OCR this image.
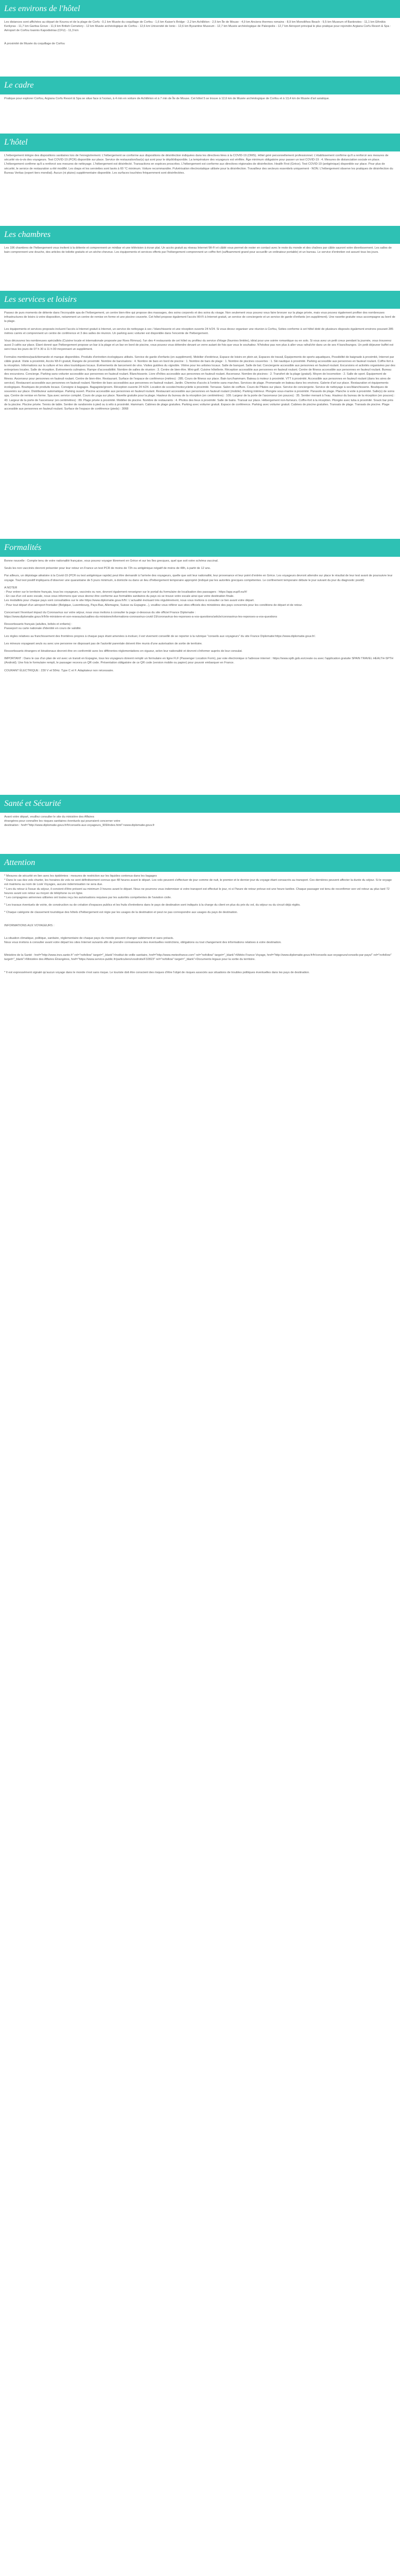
Les environs de l'hôtel

Les distances sont affichées au départ de Kourou et de la plage de Corfu : 0,1 km Musée du coquillage de Corfou - 1,6 km Kaiser's Bridge - 2,2 km Achilléion - 2,5 km Île de Mouse - 4,9 km Anciens thermes romains - 8,9 km Monolithos Beach - 9,5 km Museum of Banknotes - 11,1 km Ethnikis Kerkyras - 11,7 km Garitsa Grove - 11,9 km British Cemetery - 12 km Musée archéologique de Corfou - 12,6 km Université de Ionio - 12,6 km Byzantine Museum - 12,7 km Musée archéologique de Paleopolis - 12,7 km Aéroport principal le plus pratique pour rejoindre Argiana Corfu Resort & Spa : Aéroport de Corfou Ioannis Kapodistrias (CFU) - 11,3 km

À proximité de Musée du coquillage de Corfou

Le cadre

Pratique pour explorer Corfou, Argiana Corfu Resort & Spa se situe face à l'océan, à 4 min en voiture de Achilléion et à 7 min de Île de Mouse. Cet hôtel 5 se trouve à 12,6 km de Musée archéologique de Corfou et à 13,4 km de Musée d'art asiatique.

L'hôtel

L'hébergement intègre des dispositions sanitaires lors de l'enregistrement. L'hébergement se conforme aux dispositions de désinfection indiquées dans les directives liées à la COVID-19 (OMS). Hôtel géré personnellement professionnel. L'établissement confirme qu'il a renforcé ses mesures de sécurité vis-à-vis des voyageurs. Test COVID-19 (PCR) disponible sur place. Service de restauration/bar(s) qui sont pour le dépôt/disponible. La température des voyageurs est vérifiée. Âge minimum obligatoire pour passer un test COVID-19 : 4. Mesures de distanciation sociale en place. L'hébergement confirme qu'il a renforcé ses mesures de nettoyage. L'hébergement est désinfecté. Transactions en espèces proscrites. L'hébergement est conforme aux directives régionales de désinfection. Health First (Grèce). Test COVID-19 (antigénique) disponible sur place. Pour plus de sécurité, le service de restauration a été modifié. Les draps et les serviettes sont lavés à 60 °C minimum. Voiture recommandée. Pulvérisation électrostatique utilisée pour la désinfection. Travailleur des secteurs essentiels uniquement - NON. L'hébergement observe les pratiques de désinfection du Bureau Veritas (expert tiers mondial). Aucun (ni pluies) supplémentaire disponible. Les surfaces touchées fréquemment sont désinfectées.

Les chambres

Les 196 chambres de l'hébergement vous invitent à la détente et comprennent un minibar et une télévision à écran plat. Un accès gratuit au réseau Internet Wi-Fi et câblé vous permet de rester en contact avec le reste du monde et des chaînes par câble sauront votre divertissement. Les salles de bain comprennent une douche, des articles de toilette gratuits et un sèche-cheveux. Les équipements et services offerts par l'hébergement comprennent un coffre-fort (suffisamment grand pour accueillir un ordinateur portable) et un bureau. Le service d'entretien est assuré tous les jours.

Les services et loisirs

Passez de purs moments de détente dans l'incroyable spa de l'hébergement, un centre bien-être qui propose des massages, des soins corporels et des soins du visage. Non seulement vous pouvez vous faire bronzer sur la plage privée, mais vous pouvez également profiter des nombreuses infrastructures de loisirs à votre disposition, notamment un centre de remise en forme et une piscine couverte. Cet hôtel propose également l'accès Wi-Fi à Internet gratuit, un service de conciergerie et un service de garde d'enfants (en supplément). Une navette gratuite vous accompagne au bord de la plage.

Les équipements et services proposés incluent l'accès à Internet gratuit à Internet, un service de nettoyage à sec / blanchisserie et une réception ouverte 24 h/24. Si vous devez organiser une réunion à Corfou, Soties conforme à cet hôtel doté de plusieurs disposés également environs pouvant 285 mètres carrés et comprennent un centre de conférence et 3 des salles de réunion. Un parking avec voiturier est disponible dans l'enceinte de l'hébergement.

Vous découvrez les nombreuses spécialités (Cuisine locale et internationale proposée par Roes Rimnus). l'un des 4 restaurants de cet hôtel ou profitez du service d'étage (fournies limitée), idéal pour une soirée romantique ou en solo. Si vous avez un petit creux pendant la journée, vous trouverez aussi 3 cafés sur place. Étant donné que l'hébergement propose un bar à la plage et un bar en bord de piscine, vous pouvez vous détendre devant un verre autant de fois que vous le souhaitez. N'hésitez pas non plus à aller vous rafraîchir dans un de ses 4 bars/lounges. Un petit déjeuner buffet est servi tous les jours de 07 h 30 à 11 h 00 moyennant un supplément.

Formules membres/pack/demande et marque disponibles. Produits d'entretien écologiques utilisés. Service de garde d'enfants (en supplément). Mobilier d'extérieur, Espace de loisirs en plein air, Espaces de travail, Équipements de sports aquatiques, Possibilité de baignade à proximité, Internet par câble gratuit. Visite à proximité, Accès Wi-Fi gratuit, Rangée de proximité. Nombre de bars/salons : 4. Nombre de bars en bord de piscine : 1. Nombre de bars de plage : 1. Nombre de piscines couvertes : 1. Ski nautique à proximité. Parking accessible aux personnes en fauteuil roulant. Coffre-fort à la réception. Informations sur la culture et les sites touristiques locaux. Événements de lancement de vins. Visites guidées du vignoble. Vitrine pour les artistes locaux. Salle de banquet. Salle de bal. Conciergerie accessible aux personnes en fauteuil roulant. Excursions et activités organisées par des entreprises locales. Salle de réception. Événements culinaires. Rampe d'accessibilité. Nombre de salles de réunion : 3. Centre de bien-être. Mini-golf. Cuisine hôtellerie. Réception accessible aux personnes en fauteuil roulant. Centre de fitness accessible aux personnes en fauteuil roulant. Bureau des excursions. Concierge. Parking sans voiturier accessible aux personnes en fauteuil roulant. Blanchisserie. Livre d'hôtes accessible aux personnes en fauteuil roulant. Ascenseur. Nombre de piscines : 2. Transfert de la plage (gratuit). Moyen de locomotion : 2. Salle de sport. Équipement de fitness. Ascenseur pour personnes en fauteuil roulant. Centre de bien-être. Restaurant. Surface de l'espace de conférence (mètres) : 285. Cours de fitness sur place. Bain turc/hammam. Bateau à moteur à proximité. VTT à proximité. Accessible aux personnes en fauteuil roulant (dans les aires de service). Restaurant accessible aux personnes en fauteuil roulant. Nombre de bars accessibles aux personnes en fauteuil roulant. Jardin. Chemins d'accès à l'entrée sans marches. Services de plage. Promenade en bateau dans les environs. Galerie d'art sur place. Restauration et équipements écologiques. Boutiques de produits locaux. Consigne à bagages. Bagagiste/groom. Réception ouverte 24 h/24. Location de scooter/motocyclette à proximité. Terrasse. Salon de coiffure. Cours de Pilates sur place. Service de conciergerie. Service de nettoyage à sec/blanchisserie. Boutiques de souvenirs sur place. Distributeur automatique. Parking ouvert. Piscine accessible aux personnes en fauteuil roulant. Restaurant accessible aux personnes en fauteuil roulant (mobile). Parking intérieur. Plongée sous-marine à proximité. Parasols de plage. Planche à voile à proximité. Salle(s) de soins spa. Centre de remise en forme. Spa avec service complet. Cours de yoga sur place. Navette gratuite pour la plage. Hauteur du bureau de la réception (en centimètres) : 109. Largeur de la porte de l'ascenseur (en pouces) : 35. Sentier menant à l'eau. Hauteur du bureau de la réception (en pouces) : 43. Largeur de la porte de l'ascenseur (en centimètres) : 89. Plage privée à proximité. Mobilier de piscine. Nombre de restaurants : 4. Photos des lieux à proximité. Salle de bains. Transat sur place. Hébergement non-fumeurs. Coffre-fort à la réception. Plongée avec tuba à proximité. Snack bar près de la piscine. Piscine privée. Tennis de table. Sentier de randonnée à pied ou à vélo à proximité. Hammam. Cabines de plage gratuites. Parking avec voiturier gratuit. Espace de conférence. Parking avec voiturier gratuit. Cabines de piscine gratuites. Transats de plage. Transats de piscine. Plage accessible aux personnes en fauteuil roulant. Surface de l'espace de conférence (pieds) : 3068

Formalités

Bonne nouvelle : Compte tenu de votre nationalité française, vous pouvez voyager librement en Grèce et sur les îles grecques, quel que soit votre schéma vaccinal.

Seuls les non vaccinés devront présenter pour leur retour en France un test PCR de moins de 72h ou antigénique négatif de moins de 48h, à partir de 12 ans.

Par ailleurs, un dépistage aléatoire à la Covid-19 (PCR ou test antigénique rapide) peut être demandé à l'arrivée des voyageurs, quelle que soit leur nationalité, leur provenance et leur point d'entrée en Grèce. Les voyageurs devront attendre sur place le résultat de leur test avant de poursuivre leur voyage. Tout test positif impliquera d'observer une quarantaine de 5 jours minimum, à domicile ou dans un lieu d'hébergement temporaire approprié (indiqué par les autorités grecques compétentes. Le confinement temporaire débute le jour suivant du jour du diagnostic positif)

A NOTER
- Pour entrer sur le territoire français, tous les voyageurs, vaccinés ou non, devront également renseigner sur le portail du formulaire de localisation des passagers : https://app.euplf.eu/#/
- En cas d'un vol avec escale, nous vous informons que vous devrez être conforme aux formalités sanitaires du pays où se trouve votre escale ainsi que votre destination finale.
Les modalités pour chaque pays sont consultables sur le site https://www.diplomatie.gouv.fr/fr/. L'actualité évoluant très régulièrement, nous vous invitons à consulter ce lien avant votre départ.
- Pour tout départ d'un aéroport frontalier (Belgique, Luxembourg, Pays-Bas, Allemagne, Suisse ou Espagne...), veuillez vous référer aux sites officiels des ministères des pays concernés pour les conditions de départ et de retour.

Concernant l'éventuel impact du Coronavirus sur votre séjour, nous vous invitons à consulter la page ci-dessous du site officiel France Diplomatie :
https://www.diplomatie.gouv.fr/fr/le-ministere-et-son-reseau/actualites-du-ministere/informations-coronavirus-covid-19/coronavirus-les-reponses-a-vos-questions/article/coronavirus-les-reponses-a-vos-questions

Ressortissants français (adultes, bébés et enfants) :
Passeport ou carte nationale d'identité en cours de validité.

Les règles relatives au franchissement des frontières propres à chaque pays étant amenées à évoluer, il est vivement conseillé de se reporter à la rubrique "conseils aux voyageurs" du site France Diplomatie:https://www.diplomatie.gouv.fr/.

Les mineurs voyageant seuls ou avec une personne ne disposant pas de l'autorité parentale doivent être munis d'une autorisation de sortie de territoire.

Ressortissants étrangers et binationaux devront être en conformité avec les différentes réglementations en vigueur, selon leur nationalité et devront s'informer auprès de leur consulat.

IMPORTANT : Dans le cas d'un plan de vol avec un transit en Espagne, tous les voyageurs doivent remplir un formulaire en ligne FLF (Passenger Location Form), par voie électronique à l'adresse internet : https://www.spth.gob.es/create ou avec l'application gratuite SPAIN TRAVEL HEALTH-SPTH (Android). Une fois le formulaire rempli, le passager recevra un QR code. Présentation obligatoire de ce QR code (version mobile ou papier) pour pouvoir embarquer en France.

COURANT ÉLECTRIQUE : 230 V et 50Hz. Type C et F. Adaptateur non nécessaire.

Santé et Sécurité

Avant votre départ, veuillez consulter le site du ministère des Affaires
étrangères pour connaître les risques sanitaires éventuels qui pourraient concerner votre
destination : href="http://www.diplomatie.gouv.fr/fr/conseils-aux-voyageurs_909/index.html">www.diplomatie.gouv.fr

Attention

* Mesures de sécurité en lien avec les épidémies : mesures de restriction sur les liquides contenus dans les bagages
* Dans le cas des vols charter, les horaires de vols ne sont définitivement connus que 48 heures avant le départ. Les vols peuvent s'effectuer de jour comme de nuit, le premier et le dernier jour du voyage étant consacrés au transport. Ces dernières peuvent affecter la durée du séjour. Si le voyage est maintenu au nom de Look Voyages, aucune indemnisation ne sera due.
* Lors du retour à l'issue du séjour, il convient d'être présent au minimum 3 heures avant le départ. Nous ne pourrons vous indemniser si votre transport est effectué le jour, ni si l'heure de retour prévue est une heure tardive. Chaque passager est tenu de reconfirmer son vol retour au plus tard 72 heures avant son retour au moyen de téléphone ou en ligne.
* Les compagnies aériennes utilisées ont toutes reçu les autorisations requises par les autorités compétentes de l'aviation civile.

* Les travaux éventuels de voirie, de construction ou de création d'espaces publics et les fruits d'entretiens dans le pays de destination sont indiqués à la charge du client en plus du prix du vol, du séjour ou du circuit déjà réglés.

* Chaque catégorie de classement touristique des hôtels d'hébergement est régie par les usages de la destination et peut ne pas correspondre aux usages du pays de destination.

INFORMATIONS AUX VOYAGEURS :

La situation climatique, politique, sanitaire, réglementaire de chaque pays du monde peuvent changer subitement et sans préavis.
Nous vous invitons à consulter avant votre départ les sites Internet suivants afin de prendre connaissance des éventuelles restrictions, obligations ou tout changement des informations relatives à votre destination.

Ministère de la Santé : href="http://www.invs.sante.fr" rel="nofollow" target="_blank">Institut de veille sanitaire, href="http://www.meteofrance.com" rel="nofollow" target="_blank">Météo France Voyage, href="http://www.diplomatie.gouv.fr/fr/conseils-aux-voyageurs/conseils-par-pays/" rel="nofollow" target="_blank">Ministère des Affaires Étrangères, href="https://www.service-public.fr/particuliers/vosdroits/F32823" rel="nofollow" target="_blank">Documents légaux pour la sortie du territoire.

* Il est expressément signalé qu'aucun voyage dans le monde n'est sans risque. Le touriste doit être conscient des risques d'être l'objet de risques associés aux situations de troubles politiques éventuelles dans les pays de destination.
